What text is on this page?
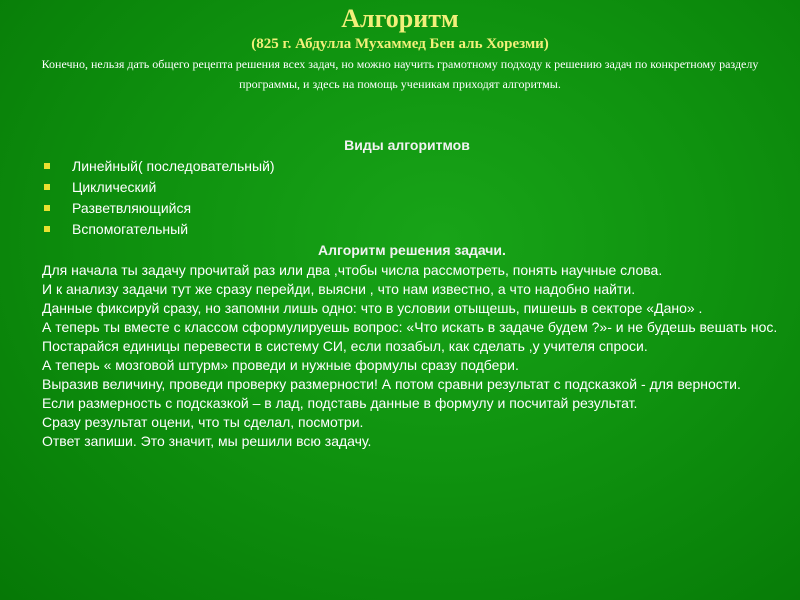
Алгоритм
(825 г. Абдулла Мухаммед Бен аль Хорезми)
Конечно, нельзя дать общего рецепта решения всех задач, но можно научить грамотному подходу к решению задач по конкретному разделу программы, и здесь на помощь ученикам приходят алгоритмы.
Виды алгоритмов
Линейный( последовательный)
Циклический
Разветвляющийся
Вспомогательный
Алгоритм решения задачи.
Для начала ты задачу прочитай раз или два ,чтобы числа рассмотреть, понять научные слова.
И к анализу задачи тут же сразу перейди, выясни , что нам известно, а что надобно найти.
Данные фиксируй сразу, но запомни лишь одно: что в условии отыщешь, пишешь в секторе «Дано» .
А теперь ты вместе с классом сформулируешь вопрос: «Что искать в задаче будем ?»- и не будешь вешать нос.
Постарайся единицы перевести в систему СИ, если позабыл, как сделать ,у учителя спроси.
А теперь « мозговой штурм» проведи и нужные формулы сразу подбери.
Выразив величину, проведи проверку размерности! А потом сравни результат с подсказкой - для верности.
Если размерность с подсказкой – в лад, подставь данные в формулу и посчитай результат.
Сразу результат оцени, что ты сделал, посмотри.
Ответ запиши. Это значит, мы решили всю задачу.
